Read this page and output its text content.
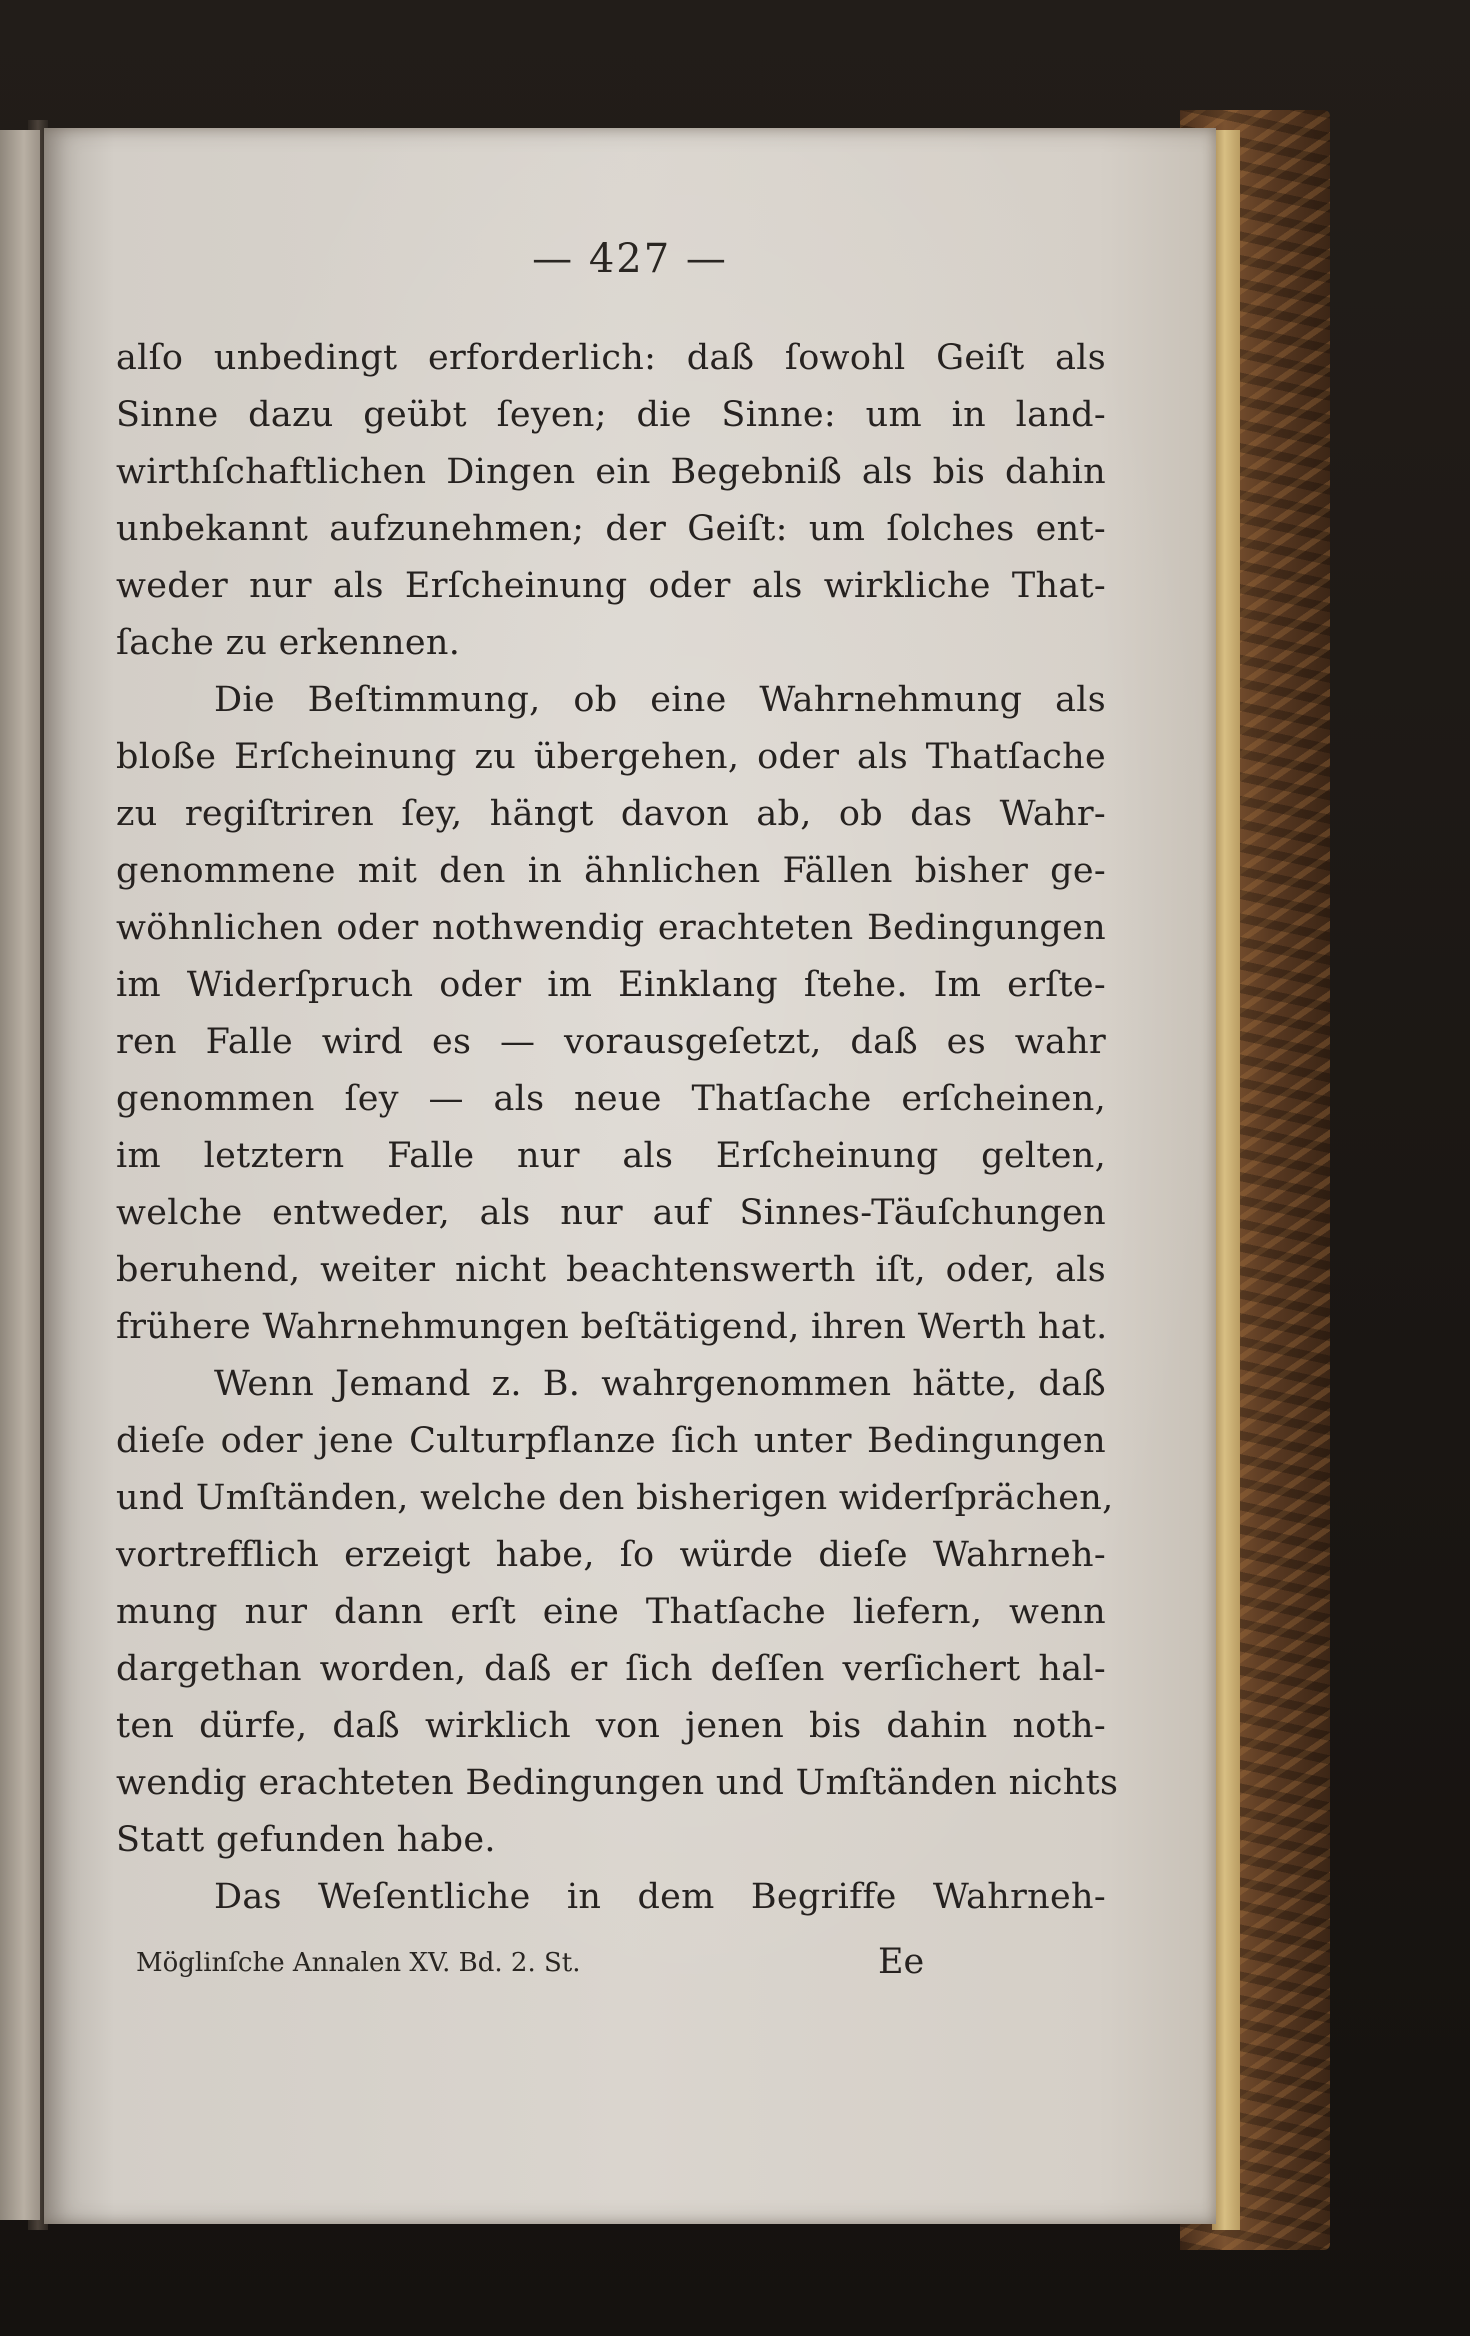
— 427 —
alſo unbedingt erforderlich: daß ſowohl Geiſt als
Sinne dazu geübt ſeyen; die Sinne: um in land-
wirthſchaftlichen Dingen ein Begebniß als bis dahin
unbekannt aufzunehmen; der Geiſt: um ſolches ent-
weder nur als Erſcheinung oder als wirkliche That-
ſache zu erkennen.
Die Beſtimmung, ob eine Wahrnehmung als
bloße Erſcheinung zu übergehen, oder als Thatſache
zu regiſtriren ſey, hängt davon ab, ob das Wahr-
genommene mit den in ähnlichen Fällen bisher ge-
wöhnlichen oder nothwendig erachteten Bedingungen
im Widerſpruch oder im Einklang ſtehe. Im erſte-
ren Falle wird es — vorausgeſetzt, daß es wahr
genommen ſey — als neue Thatſache erſcheinen,
im letztern Falle nur als Erſcheinung gelten,
welche entweder, als nur auf Sinnes-Täuſchungen
beruhend, weiter nicht beachtenswerth iſt, oder, als
frühere Wahrnehmungen beſtätigend, ihren Werth hat.
Wenn Jemand z. B. wahrgenommen hätte, daß
dieſe oder jene Culturpflanze ſich unter Bedingungen
und Umſtänden, welche den bisherigen widerſprächen,
vortrefflich erzeigt habe, ſo würde dieſe Wahrneh-
mung nur dann erſt eine Thatſache liefern, wenn
dargethan worden, daß er ſich deſſen verſichert hal-
ten dürfe, daß wirklich von jenen bis dahin noth-
wendig erachteten Bedingungen und Umſtänden nichts
Statt gefunden habe.
Das Weſentliche in dem Begriffe Wahrneh-
Möglinſche Annalen XV. Bd. 2. St.	Ee
